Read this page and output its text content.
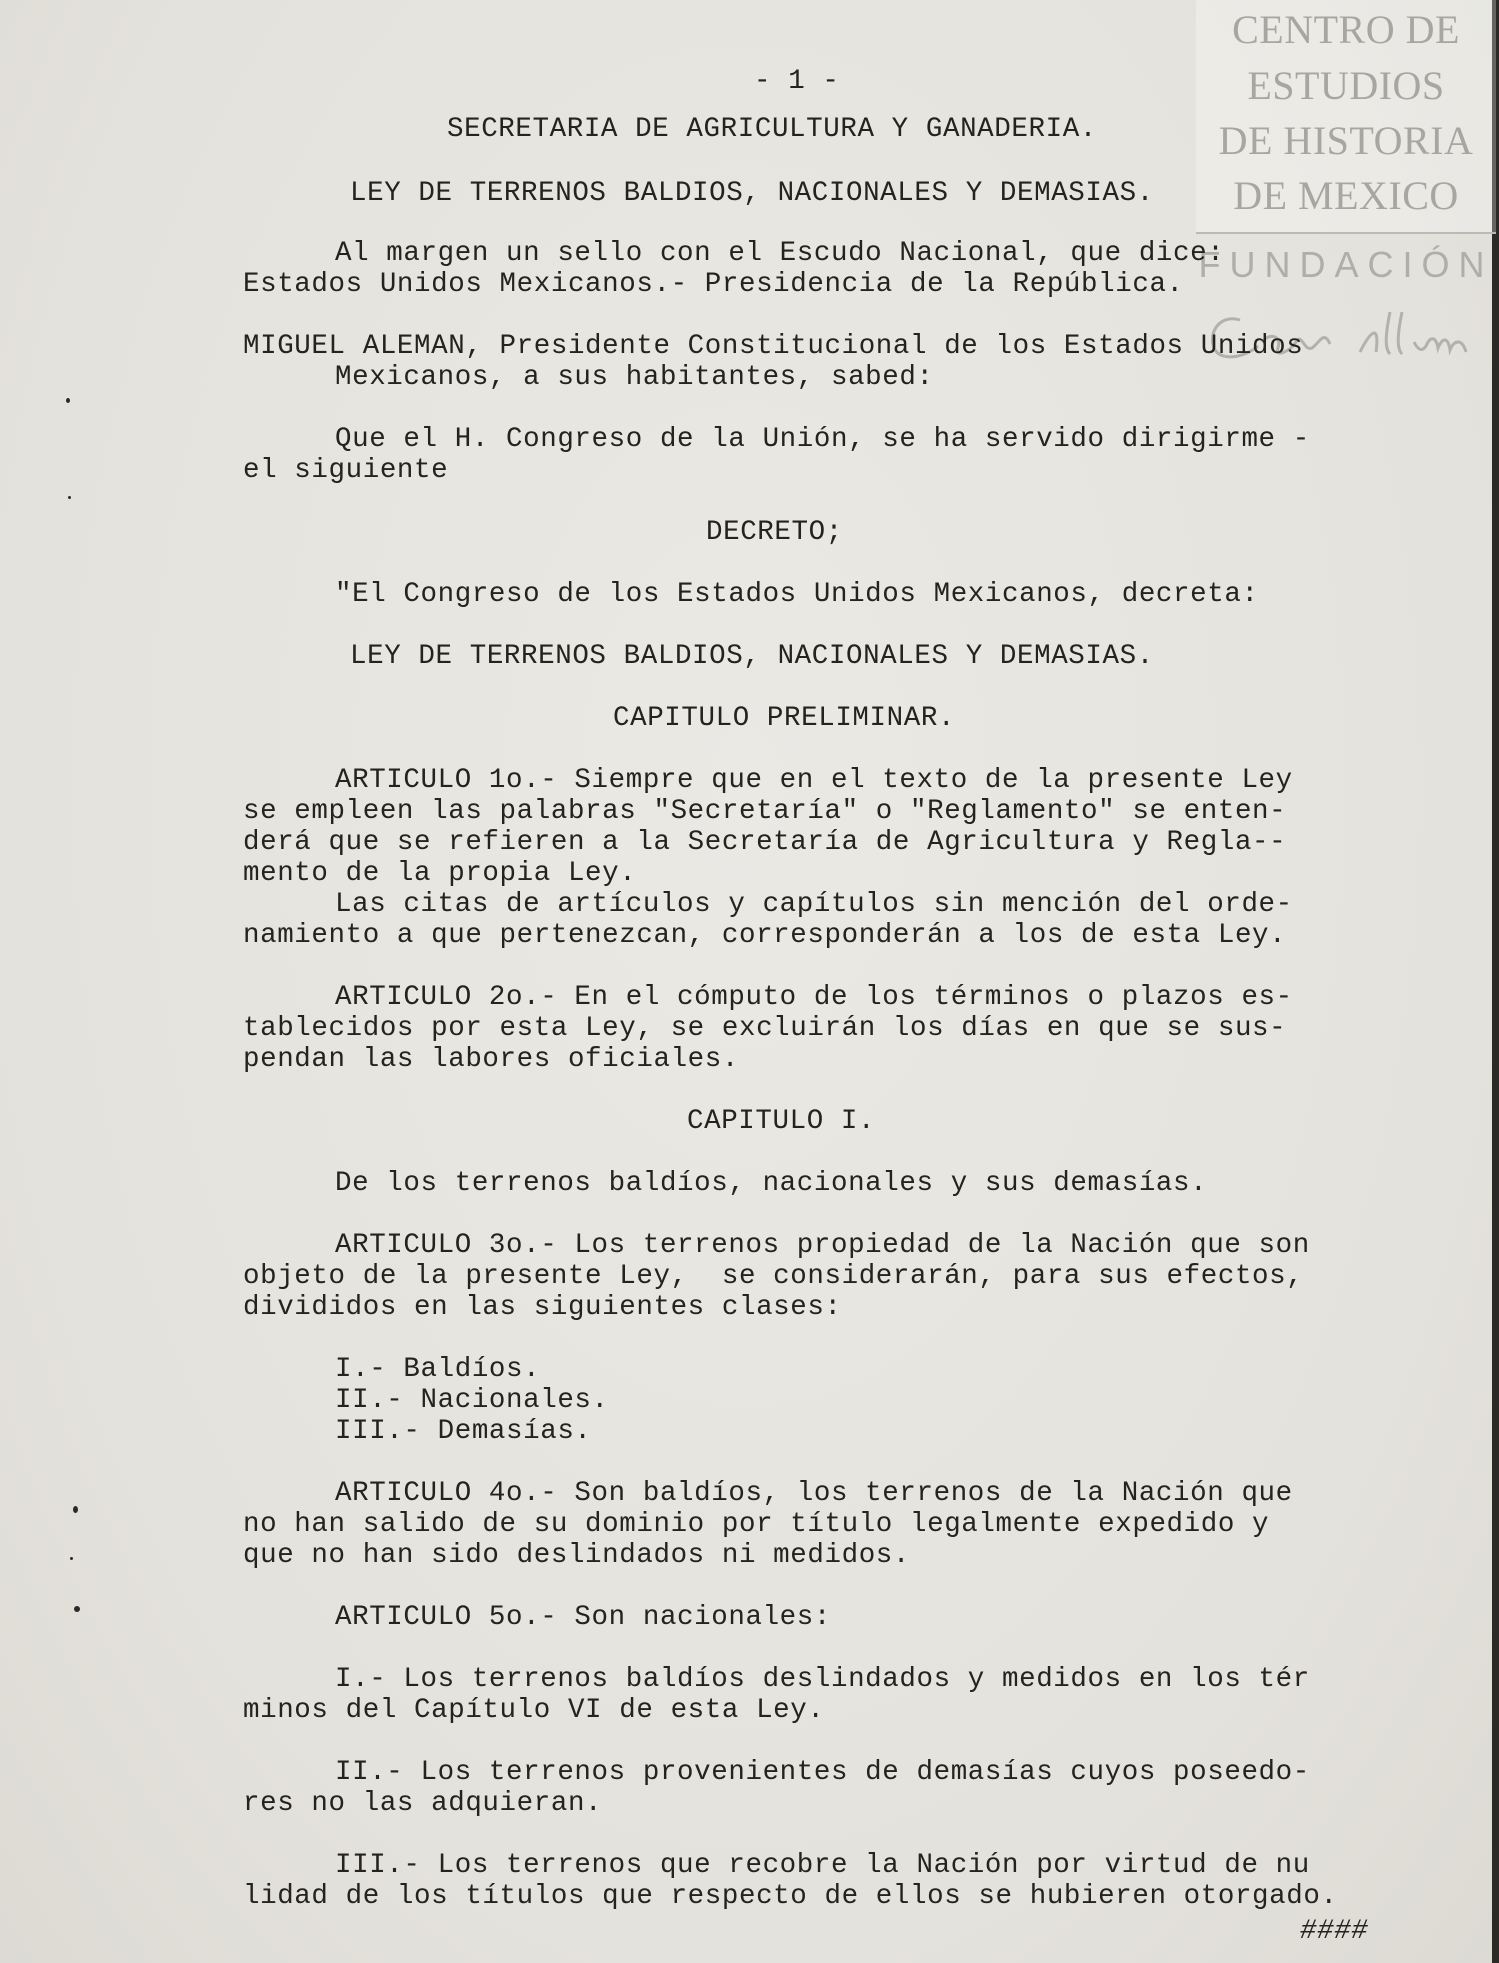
CENTRO DE
ESTUDIOS
DE HISTORIA
DE MEXICO
FUNDACIÓN
- 1 -
SECRETARIA DE AGRICULTURA Y GANADERIA.
LEY DE TERRENOS BALDIOS, NACIONALES Y DEMASIAS.
Al margen un sello con el Escudo Nacional, que dice:
Estados Unidos Mexicanos.- Presidencia de la República.
MIGUEL ALEMAN, Presidente Constitucional de los Estados Unidos
Mexicanos, a sus habitantes, sabed:
Que el H. Congreso de la Unión, se ha servido dirigirme -
el siguiente
DECRETO;
"El Congreso de los Estados Unidos Mexicanos, decreta:
LEY DE TERRENOS BALDIOS, NACIONALES Y DEMASIAS.
CAPITULO PRELIMINAR.
ARTICULO 1o.- Siempre que en el texto de la presente Ley
se empleen las palabras "Secretaría" o "Reglamento" se enten-
derá que se refieren a la Secretaría de Agricultura y Regla--
mento de la propia Ley.
Las citas de artículos y capítulos sin mención del orde-
namiento a que pertenezcan, corresponderán a los de esta Ley.
ARTICULO 2o.- En el cómputo de los términos o plazos es-
tablecidos por esta Ley, se excluirán los días en que se sus-
pendan las labores oficiales.
CAPITULO I.
De los terrenos baldíos, nacionales y sus demasías.
ARTICULO 3o.- Los terrenos propiedad de la Nación que son
objeto de la presente Ley,  se considerarán, para sus efectos,
divididos en las siguientes clases:
I.- Baldíos.
II.- Nacionales.
III.- Demasías.
ARTICULO 4o.- Son baldíos, los terrenos de la Nación que
no han salido de su dominio por título legalmente expedido y
que no han sido deslindados ni medidos.
ARTICULO 5o.- Son nacionales:
I.- Los terrenos baldíos deslindados y medidos en los tér
minos del Capítulo VI de esta Ley.
II.- Los terrenos provenientes de demasías cuyos poseedo-
res no las adquieran.
III.- Los terrenos que recobre la Nación por virtud de nu
lidad de los títulos que respecto de ellos se hubieren otorgado.
####
